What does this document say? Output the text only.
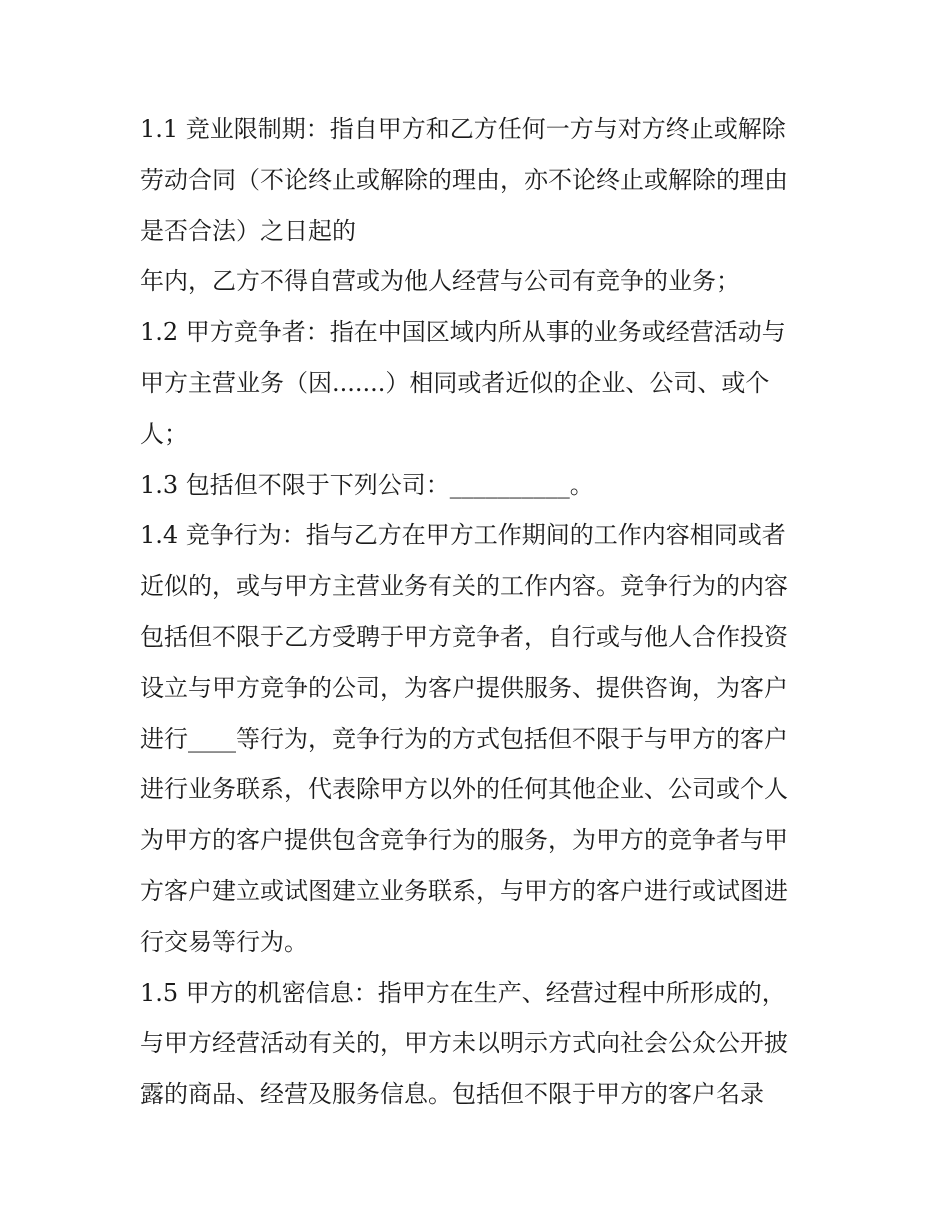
1.1 竞业限制期：指自甲方和乙方任何一方与对方终止或解除
劳动合同（不论终止或解除的理由，亦不论终止或解除的理由
是否合法）之日起的
年内，乙方不得自营或为他人经营与公司有竞争的业务；
1.2 甲方竞争者：指在中国区域内所从事的业务或经营活动与
甲方主营业务（因.......）相同或者近似的企业、公司、或个
人；
1.3 包括但不限于下列公司：__________。
1.4 竞争行为：指与乙方在甲方工作期间的工作内容相同或者
近似的，或与甲方主营业务有关的工作内容。竞争行为的内容
包括但不限于乙方受聘于甲方竞争者，自行或与他人合作投资
设立与甲方竞争的公司，为客户提供服务、提供咨询，为客户
进行____等行为，竞争行为的方式包括但不限于与甲方的客户
进行业务联系，代表除甲方以外的任何其他企业、公司或个人
为甲方的客户提供包含竞争行为的服务，为甲方的竞争者与甲
方客户建立或试图建立业务联系，与甲方的客户进行或试图进
行交易等行为。
1.5 甲方的机密信息：指甲方在生产、经营过程中所形成的，
与甲方经营活动有关的，甲方未以明示方式向社会公众公开披
露的商品、经营及服务信息。包括但不限于甲方的客户名录
